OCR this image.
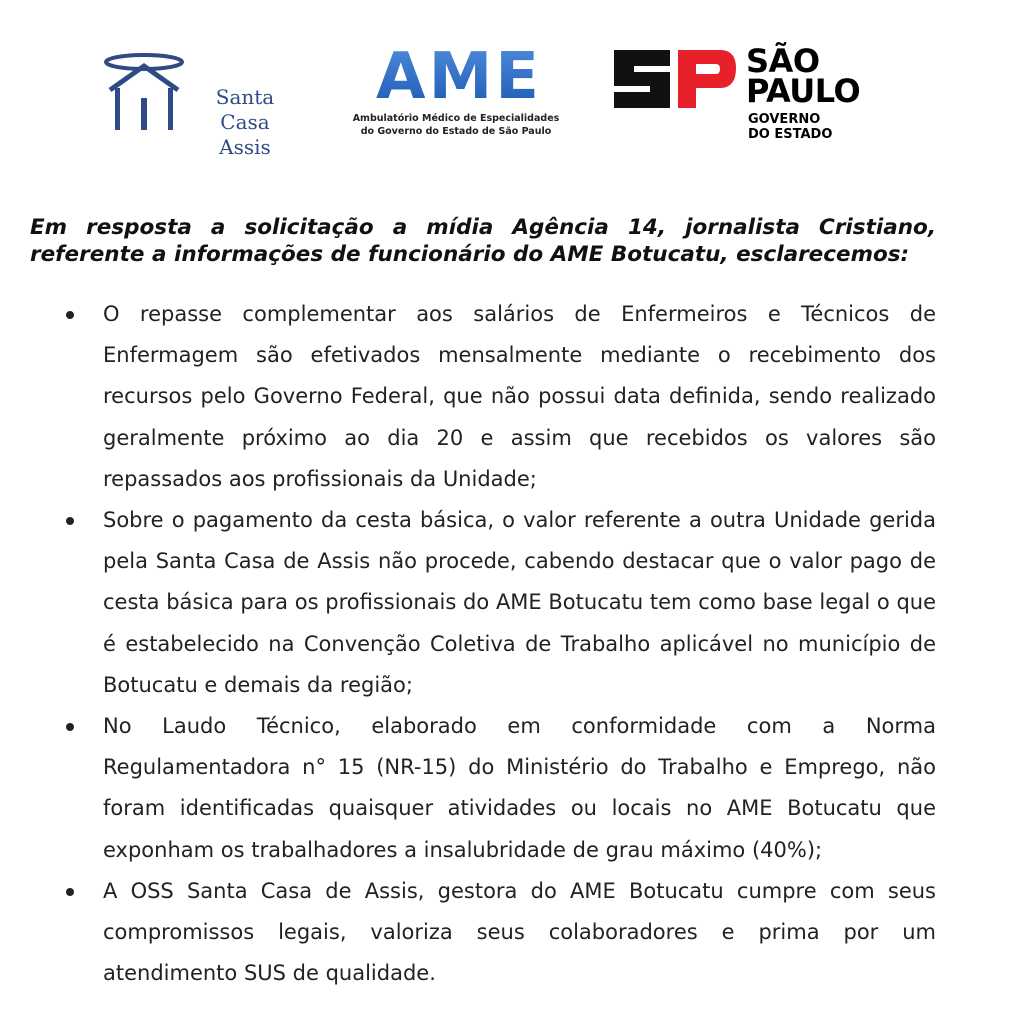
Santa Casa
Assis
AME
Ambulatório Médico de Especialidades
do Governo do Estado de São Paulo
SÃO
PAULO
GOVERNO
DO ESTADO
Em resposta a solicitação a mídia Agência 14, jornalista Cristiano,
referente a informações de funcionário do AME Botucatu, esclarecemos:
O repasse complementar aos salários de Enfermeiros e Técnicos de Enfermagem são efetivados mensalmente mediante o recebimento dos recursos pelo Governo Federal, que não possui data definida, sendo realizado geralmente próximo ao dia 20 e assim que recebidos os valores são repassados aos profissionais da Unidade;
Sobre o pagamento da cesta básica, o valor referente a outra Unidade gerida pela Santa Casa de Assis não procede, cabendo destacar que o valor pago de cesta básica para os profissionais do AME Botucatu tem como base legal o que é estabelecido na Convenção Coletiva de Trabalho aplicável no município de Botucatu e demais da região;
No Laudo Técnico, elaborado em conformidade com a Norma Regulamentadora n° 15 (NR-15) do Ministério do Trabalho e Emprego, não foram identificadas quaisquer atividades ou locais no AME Botucatu que exponham os trabalhadores a insalubridade de grau máximo (40%);
A OSS Santa Casa de Assis, gestora do AME Botucatu cumpre com seus compromissos legais, valoriza seus colaboradores e prima por um atendimento SUS de qualidade.
